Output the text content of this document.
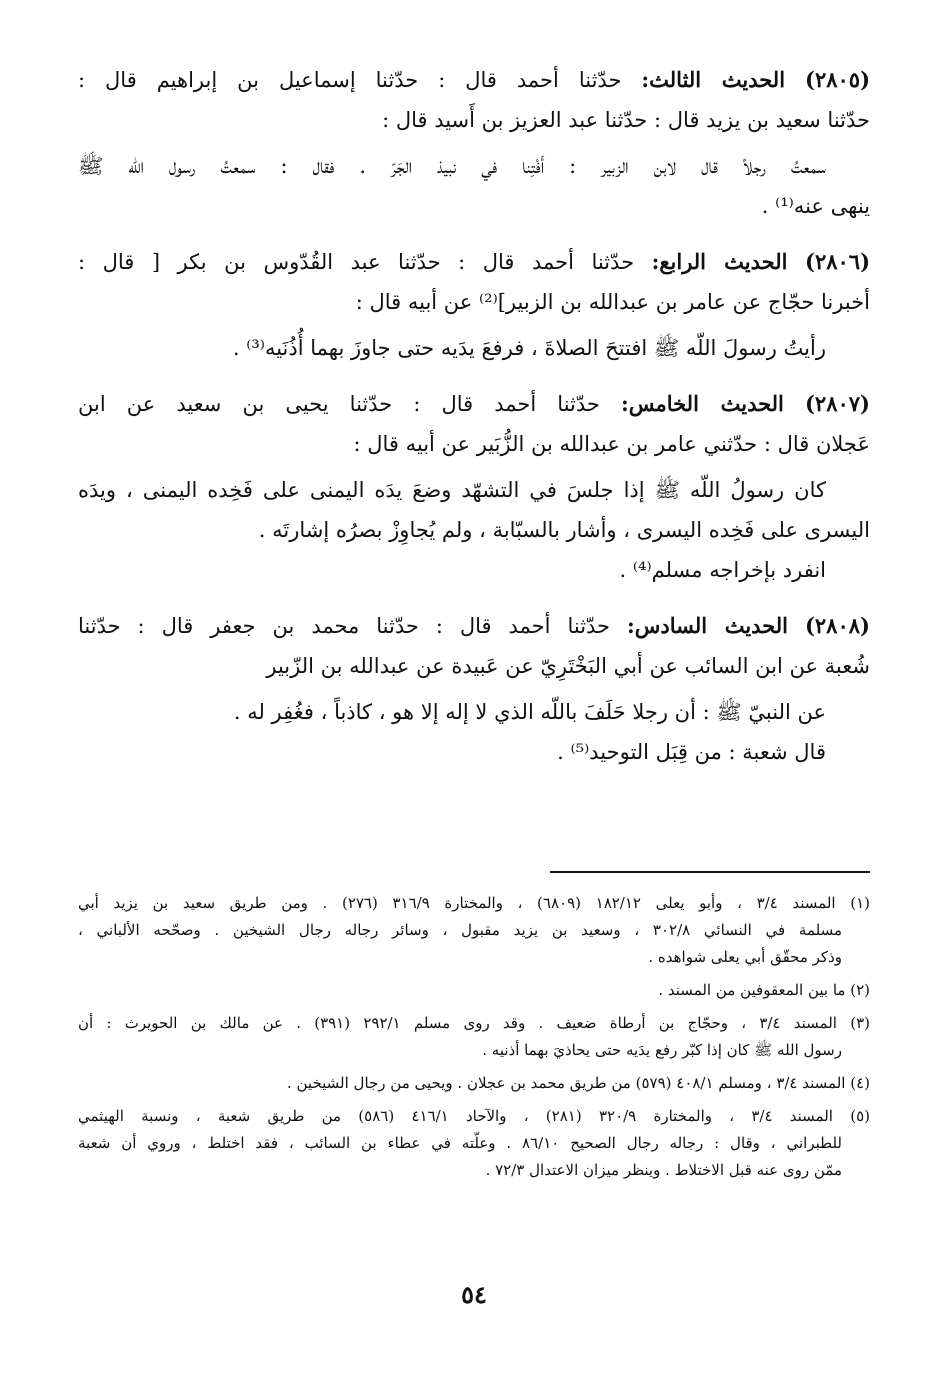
(٢٨٠٥) الحديث الثالث: حدّثنا أحمد قال : حدّثنا إسماعيل بن إبراهيم قال :
حدّثنا سعيد بن يزيد قال : حدّثنا عبد العزيز بن أَسيد قال :
سمعتُ رجلاً قال لابن الزبير : أَفْتِنا في نبيذ الجَرّ . فقال : سمعتُ رسول اللّه ﷺ
ينهى عنه⁽¹⁾ .
(٢٨٠٦) الحديث الرابع: حدّثنا أحمد قال : حدّثنا عبد القُدّوس بن بكر [ قال :
أخبرنا حجّاج عن عامر بن عبدالله بن الزبير]⁽²⁾ عن أبيه قال :
رأيتُ رسولَ اللّه ﷺ افتتحَ الصلاةَ ، فرفعَ يدَيه حتى جاوزَ بهما أُذُنَيه⁽³⁾ .
(٢٨٠٧) الحديث الخامس: حدّثنا أحمد قال : حدّثنا يحيى بن سعيد عن ابن
عَجلان قال : حدّثني عامر بن عبدالله بن الزُّبَير عن أبيه قال :
كان رسولُ اللّه ﷺ إذا جلسَ في التشهّد وضعَ يدَه اليمنى على فَخِده اليمنى ، ويدَه
اليسرى على فَخِده اليسرى ، وأشار بالسبّابة ، ولم يُجاوِزْ بصرُه إشارتَه .
انفرد بإخراجه مسلم⁽⁴⁾ .
(٢٨٠٨) الحديث السادس: حدّثنا أحمد قال : حدّثنا محمد بن جعفر قال : حدّثنا
شُعبة عن ابن السائب عن أبي البَخْتَرِيّ عن عَبيدة عن عبدالله بن الزّبير
عن النبيّ ﷺ : أن رجلا حَلَفَ باللّه الذي لا إله إلا هو ، كاذباً ، فغُفِر له .
قال شعبة : من قِبَل التوحيد⁽⁵⁾ .
(١) المسند ٣/٤ ، وأبو يعلى ١٨٢/١٢ (٦٨٠٩) ، والمختارة ٣١٦/٩ (٢٧٦) . ومن طريق سعيد بن يزيد أبي
مسلمة في النسائي ٣٠٢/٨ ، وسعيد بن يزيد مقبول ، وسائر رجاله رجال الشيخين . وصحّحه الألباني ،
وذكر محقّق أبي يعلى شواهده .
(٢) ما بين المعقوفين من المسند .
(٣) المسند ٣/٤ ، وحجّاج بن أرطاة ضعيف . وقد روى مسلم ٢٩٢/١ (٣٩١) . عن مالك بن الحويرث : أن
رسول الله ﷺ كان إذا كبّر رفع يدَيه حتى يحاذيَ بهما أذنيه .
(٤) المسند ٣/٤ ، ومسلم ٤٠٨/١ (٥٧٩) من طريق محمد بن عجلان . ويحيى من رجال الشيخين .
(٥) المسند ٣/٤ ، والمختارة ٣٢٠/٩ (٢٨١) ، والآحاد ٤١٦/١ (٥٨٦) من طريق شعبة ، ونسبة الهيثمي
للطبراني ، وقال : رجاله رجال الصحيح ٨٦/١٠ . وعلّته في عطاء بن السائب ، فقد اختلط ، وروي أن شعبة
ممّن روى عنه قبل الاختلاط . وينظر ميزان الاعتدال ٧٢/٣ .
٥٤
